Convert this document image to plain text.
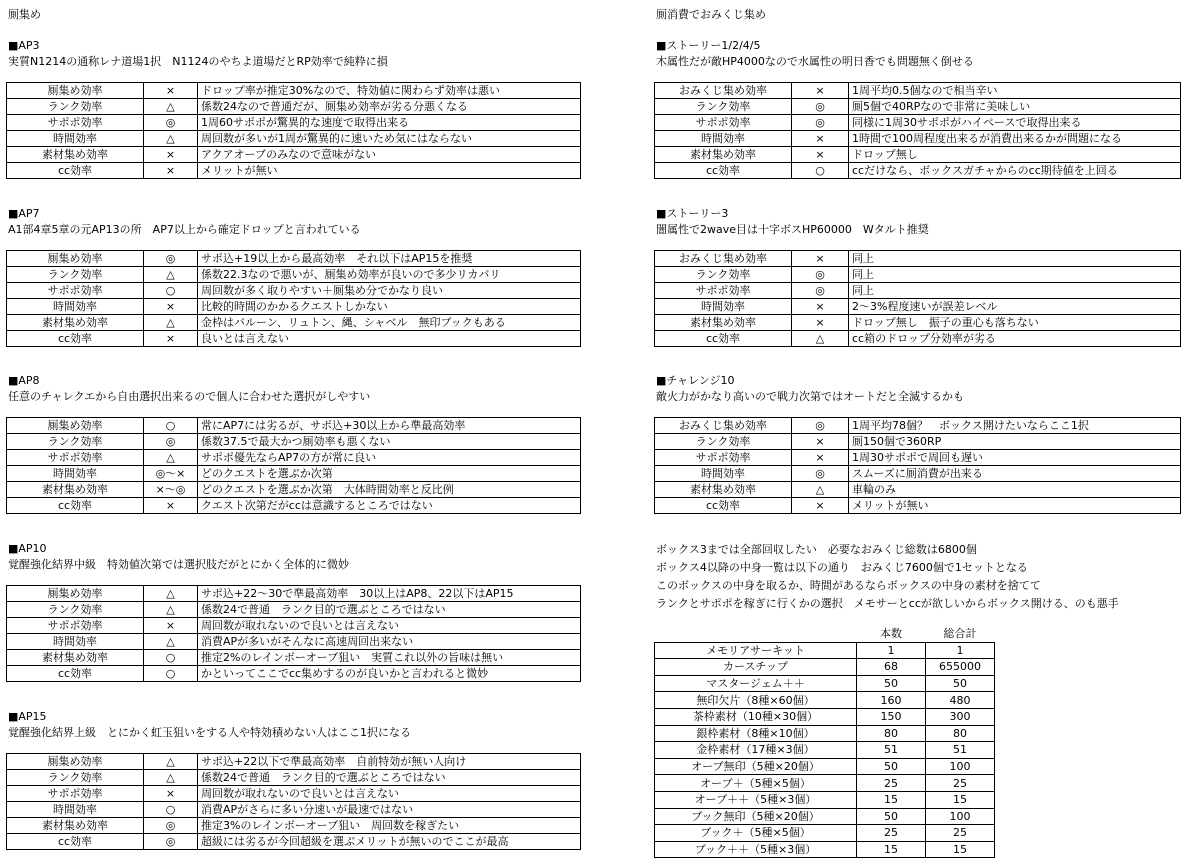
厠集め
■AP3
実質N1214の通称レナ道場1択　N1124のやちよ道場だとRP効率で純粋に損
厠集め効率	×	ドロップ率が推定30%なので、特効値に関わらず効率は悪い
ランク効率	△	係数24なので普通だが、厠集め効率が劣る分悪くなる
サポポ効率	◎	1周60サポポが驚異的な速度で取得出来る
時間効率	△	周回数が多いが1周が驚異的に速いため気にはならない
素材集め効率	×	アクアオーブのみなので意味がない
cc効率	×	メリットが無い
■AP7
A1部4章5章の元AP13の所　AP7以上から確定ドロップと言われている
厠集め効率	◎	サポ込+19以上から最高効率　それ以下はAP15を推奨
ランク効率	△	係数22.3なので悪いが、厠集め効率が良いので多少リカバリ
サポポ効率	○	周回数が多く取りやすい＋厠集め分でかなり良い
時間効率	×	比較的時間のかかるクエストしかない
素材集め効率	△	金枠はバルーン、リュトン、縄、シャベル　無印ブックもある
cc効率	×	良いとは言えない
■AP8
任意のチャレクエから自由選択出来るので個人に合わせた選択がしやすい
厠集め効率	○	常にAP7には劣るが、サポ込+30以上から準最高効率
ランク効率	◎	係数37.5で最大かつ厠効率も悪くない
サポポ効率	△	サポポ優先ならAP7の方が常に良い
時間効率	◎～×	どのクエストを選ぶか次第
素材集め効率	×～◎	どのクエストを選ぶか次第　大体時間効率と反比例
cc効率	×	クエスト次第だがccは意識するところではない
■AP10
覚醒強化結界中級　特効値次第では選択肢だがとにかく全体的に微妙
厠集め効率	△	サポ込+22～30で準最高効率　30以上はAP8、22以下はAP15
ランク効率	△	係数24で普通　ランク目的で選ぶところではない
サポポ効率	×	周回数が取れないので良いとは言えない
時間効率	△	消費APが多いがそんなに高速周回出来ない
素材集め効率	○	推定2%のレインボーオーブ狙い　実質これ以外の旨味は無い
cc効率	○	かといってここでcc集めするのが良いかと言われると微妙
■AP15
覚醒強化結界上級　とにかく虹玉狙いをする人や特効積めない人はここ1択になる
厠集め効率	△	サポ込+22以下で準最高効率　自前特効が無い人向け
ランク効率	△	係数24で普通　ランク目的で選ぶところではない
サポポ効率	×	周回数が取れないので良いとは言えない
時間効率	○	消費APがさらに多い分速いが最速ではない
素材集め効率	◎	推定3%のレインボーオーブ狙い　周回数を稼ぎたい
cc効率	◎	超級には劣るが今回超級を選ぶメリットが無いのでここが最高
厠消費でおみくじ集め
■ストーリー1/2/4/5
木属性だが敵HP4000なので水属性の明日香でも問題無く倒せる
おみくじ集め効率	×	1周平均0.5個なので相当辛い
ランク効率	◎	厠5個で40RPなので非常に美味しい
サポポ効率	◎	同様に1周30サポポがハイペースで取得出来る
時間効率	×	1時間で100周程度出来るが消費出来るかが問題になる
素材集め効率	×	ドロップ無し
cc効率	○	ccだけなら、ボックスガチャからのcc期待値を上回る
■ストーリー3
闇属性で2wave目は十字ボスHP60000　Wタルト推奨
おみくじ集め効率	×	同上
ランク効率	◎	同上
サポポ効率	◎	同上
時間効率	×	2～3%程度速いが誤差レベル
素材集め効率	×	ドロップ無し　振子の重心も落ちない
cc効率	△	cc箱のドロップ分効率が劣る
■チャレンジ10
敵火力がかなり高いので戦力次第ではオートだと全滅するかも
おみくじ集め効率	◎	1周平均78個？　ボックス開けたいならここ1択
ランク効率	×	厠150個で360RP
サポポ効率	×	1周30サポポで周回も遅い
時間効率	◎	スムーズに厠消費が出来る
素材集め効率	△	車輪のみ
cc効率	×	メリットが無い
ボックス3までは全部回収したい　必要なおみくじ総数は6800個
ボックス4以降の中身一覧は以下の通り　おみくじ7600個で1セットとなる
このボックスの中身を取るか、時間があるならボックスの中身の素材を捨てて
ランクとサポポを稼ぎに行くかの選択　メモサーとccが欲しいからボックス開ける、のも悪手
	本数	総合計
メモリアサーキット	1	1
カースチップ	68	655000
マスタージェム＋＋	50	50
無印欠片（8種×60個）	160	480
茶枠素材（10種×30個）	150	300
銀枠素材（8種×10個）	80	80
金枠素材（17種×3個）	51	51
オーブ無印（5種×20個）	50	100
オーブ＋（5種×5個）	25	25
オーブ＋＋（5種×3個）	15	15
ブック無印（5種×20個）	50	100
ブック＋（5種×5個）	25	25
ブック＋＋（5種×3個）	15	15
